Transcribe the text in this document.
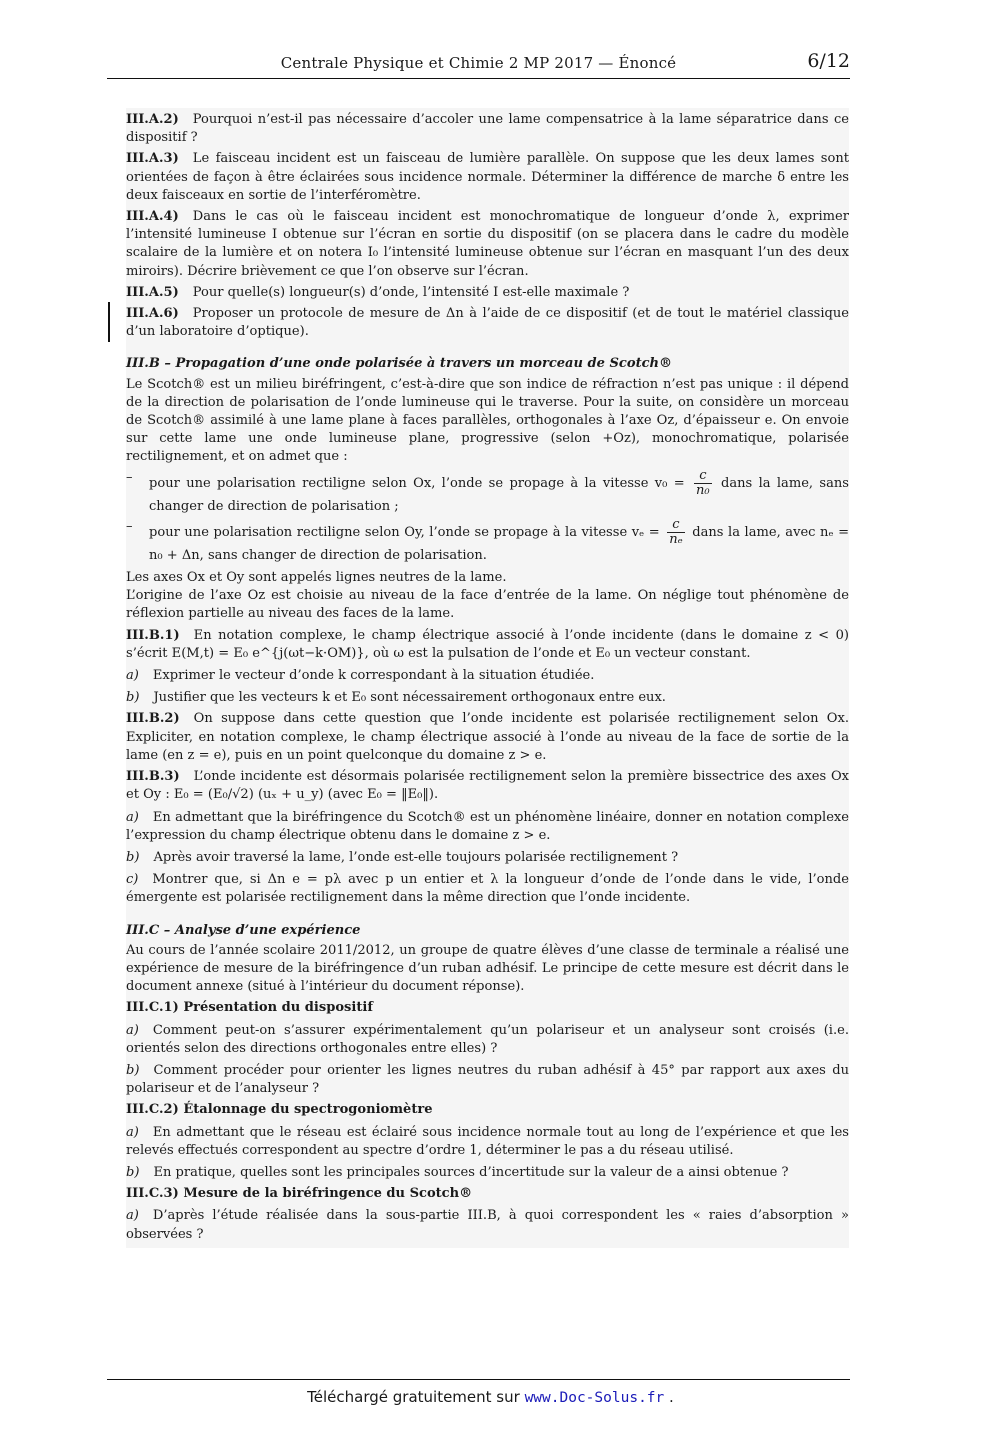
Centrale Physique et Chimie 2 MP 2017 — Énoncé	6/12

III.A.2) Pourquoi n’est-il pas nécessaire d’accoler une lame compensatrice à la lame séparatrice dans ce dispositif ?

III.A.3) Le faisceau incident est un faisceau de lumière parallèle. On suppose que les deux lames sont orientées de façon à être éclairées sous incidence normale. Déterminer la différence de marche δ entre les deux faisceaux en sortie de l’interféromètre.

III.A.4) Dans le cas où le faisceau incident est monochromatique de longueur d’onde λ, exprimer l’intensité lumineuse I obtenue sur l’écran en sortie du dispositif (on se placera dans le cadre du modèle scalaire de la lumière et on notera I₀ l’intensité lumineuse obtenue sur l’écran en masquant l’un des deux miroirs). Décrire brièvement ce que l’on observe sur l’écran.

III.A.5) Pour quelle(s) longueur(s) d’onde, l’intensité I est-elle maximale ?

III.A.6) Proposer un protocole de mesure de Δn à l’aide de ce dispositif (et de tout le matériel classique d’un laboratoire d’optique).

III.B – Propagation d’une onde polarisée à travers un morceau de Scotch®

Le Scotch® est un milieu biréfringent, c’est-à-dire que son indice de réfraction n’est pas unique : il dépend de la direction de polarisation de l’onde lumineuse qui le traverse. Pour la suite, on considère un morceau de Scotch® assimilé à une lame plane à faces parallèles, orthogonales à l’axe Oz, d’épaisseur e. On envoie sur cette lame une onde lumineuse plane, progressive (selon +Oz), monochromatique, polarisée rectilignement, et on admet que :

– pour une polarisation rectiligne selon Ox, l’onde se propage à la vitesse $v_0 = \frac{c}{\text{n₀}}$ dans la lame, sans changer de direction de polarisation ;

– pour une polarisation rectiligne selon Oy, l’onde se propage à la vitesse $v_e = \frac{c}{\text{nₑ}}$ dans la lame, avec nₑ = n₀ + Δn, sans changer de direction de polarisation.

Les axes Ox et Oy sont appelés lignes neutres de la lame.

L’origine de l’axe Oz est choisie au niveau de la face d’entrée de la lame. On néglige tout phénomène de réflexion partielle au niveau des faces de la lame.

III.B.1) En notation complexe, le champ électrique associé à l’onde incidente (dans le domaine z < 0) s’écrit E(M,t) = E₀ e^{j(ωt−k·OM)}, où ω est la pulsation de l’onde et E₀ un vecteur constant.

a) Exprimer le vecteur d’onde k correspondant à la situation étudiée.

b) Justifier que les vecteurs k et E₀ sont nécessairement orthogonaux entre eux.

III.B.2) On suppose dans cette question que l’onde incidente est polarisée rectilignement selon Ox. Expliciter, en notation complexe, le champ électrique associé à l’onde au niveau de la face de sortie de la lame (en z = e), puis en un point quelconque du domaine z > e.

III.B.3) L’onde incidente est désormais polarisée rectilignement selon la première bissectrice des axes Ox et Oy : E₀ = (E₀/√2) (uₓ + u_y) (avec E₀ = ‖E₀‖).

a) En admettant que la biréfringence du Scotch® est un phénomène linéaire, donner en notation complexe l’expression du champ électrique obtenu dans le domaine z > e.

b) Après avoir traversé la lame, l’onde est-elle toujours polarisée rectilignement ?

c) Montrer que, si Δn e = pλ avec p un entier et λ la longueur d’onde de l’onde dans le vide, l’onde émergente est polarisée rectilignement dans la même direction que l’onde incidente.

III.C – Analyse d’une expérience

Au cours de l’année scolaire 2011/2012, un groupe de quatre élèves d’une classe de terminale a réalisé une expérience de mesure de la biréfringence d’un ruban adhésif. Le principe de cette mesure est décrit dans le document annexe (situé à l’intérieur du document réponse).

III.C.1) Présentation du dispositif

a) Comment peut-on s’assurer expérimentalement qu’un polariseur et un analyseur sont croisés (i.e. orientés selon des directions orthogonales entre elles) ?

b) Comment procéder pour orienter les lignes neutres du ruban adhésif à 45° par rapport aux axes du polariseur et de l’analyseur ?

III.C.2) Étalonnage du spectrogoniomètre

a) En admettant que le réseau est éclairé sous incidence normale tout au long de l’expérience et que les relevés effectués correspondent au spectre d’ordre 1, déterminer le pas a du réseau utilisé.

b) En pratique, quelles sont les principales sources d’incertitude sur la valeur de a ainsi obtenue ?

III.C.3) Mesure de la biréfringence du Scotch®

a) D’après l’étude réalisée dans la sous-partie III.B, à quoi correspondent les « raies d’absorption » observées ?

Téléchargé gratuitement sur www.Doc-Solus.fr .
